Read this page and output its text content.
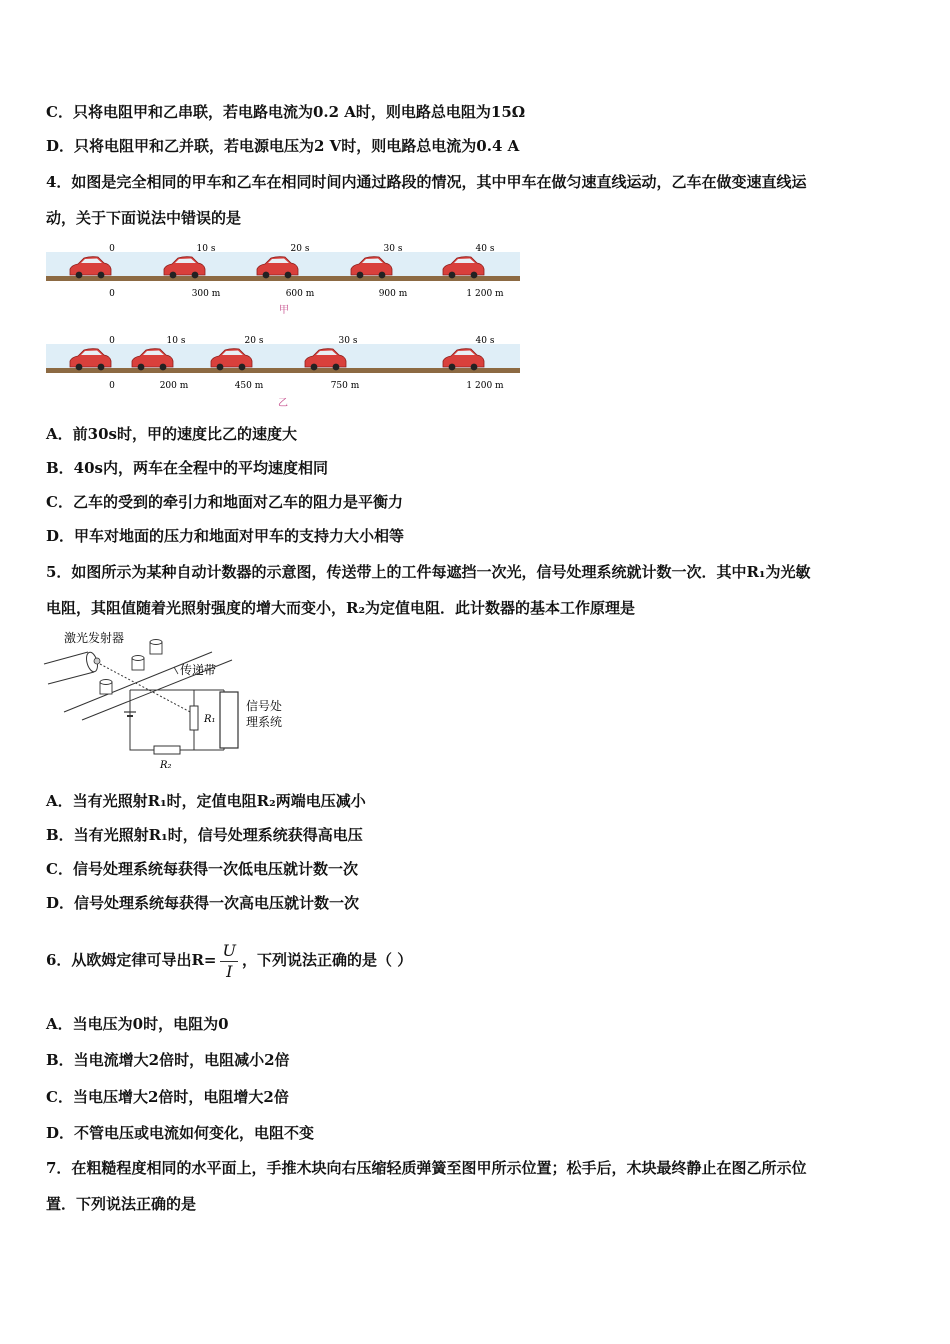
C．只将电阻甲和乙串联，若电路电流为0.2 A时，则电路总电阻为15Ω
D．只将电阻甲和乙并联，若电源电压为2 V时，则电路总电流为0.4 A
4．如图是完全相同的甲车和乙车在相同时间内通过路段的情况，其中甲车在做匀速直线运动，乙车在做变速直线运
动，关于下面说法中错误的是
0	10 s	20 s	30 s	40 s
0	300 m	600 m	900 m	1 200 m
甲
0	10 s	20 s	30 s	40 s
0	200 m	450 m	750 m	1 200 m
乙
A．前30s时，甲的速度比乙的速度大
B．40s内，两车在全程中的平均速度相同
C．乙车的受到的牵引力和地面对乙车的阻力是平衡力
D．甲车对地面的压力和地面对甲车的支持力大小相等
5．如图所示为某种自动计数器的示意图，传送带上的工件每遮挡一次光，信号处理系统就计数一次．其中R₁为光敏
电阻，其阻值随着光照射强度的增大而变小，R₂为定值电阻．此计数器的基本工作原理是
激光发射器
传递带
R₁
R₂
信号处
理系统
A．当有光照射R₁时，定值电阻R₂两端电压减小
B．当有光照射R₁时，信号处理系统获得高电压
C．信号处理系统每获得一次低电压就计数一次
D．信号处理系统每获得一次高电压就计数一次
6．从欧姆定律可导出$R= \frac{U}{I}$ ，下列说法正确的是（ ）
A．当电压为0时，电阻为0
B．当电流增大2倍时，电阻减小2倍
C．当电压增大2倍时，电阻增大2倍
D．不管电压或电流如何变化，电阻不变
7．在粗糙程度相同的水平面上，手推木块向右压缩轻质弹簧至图甲所示位置；松手后，木块最终静止在图乙所示位
置．下列说法正确的是
